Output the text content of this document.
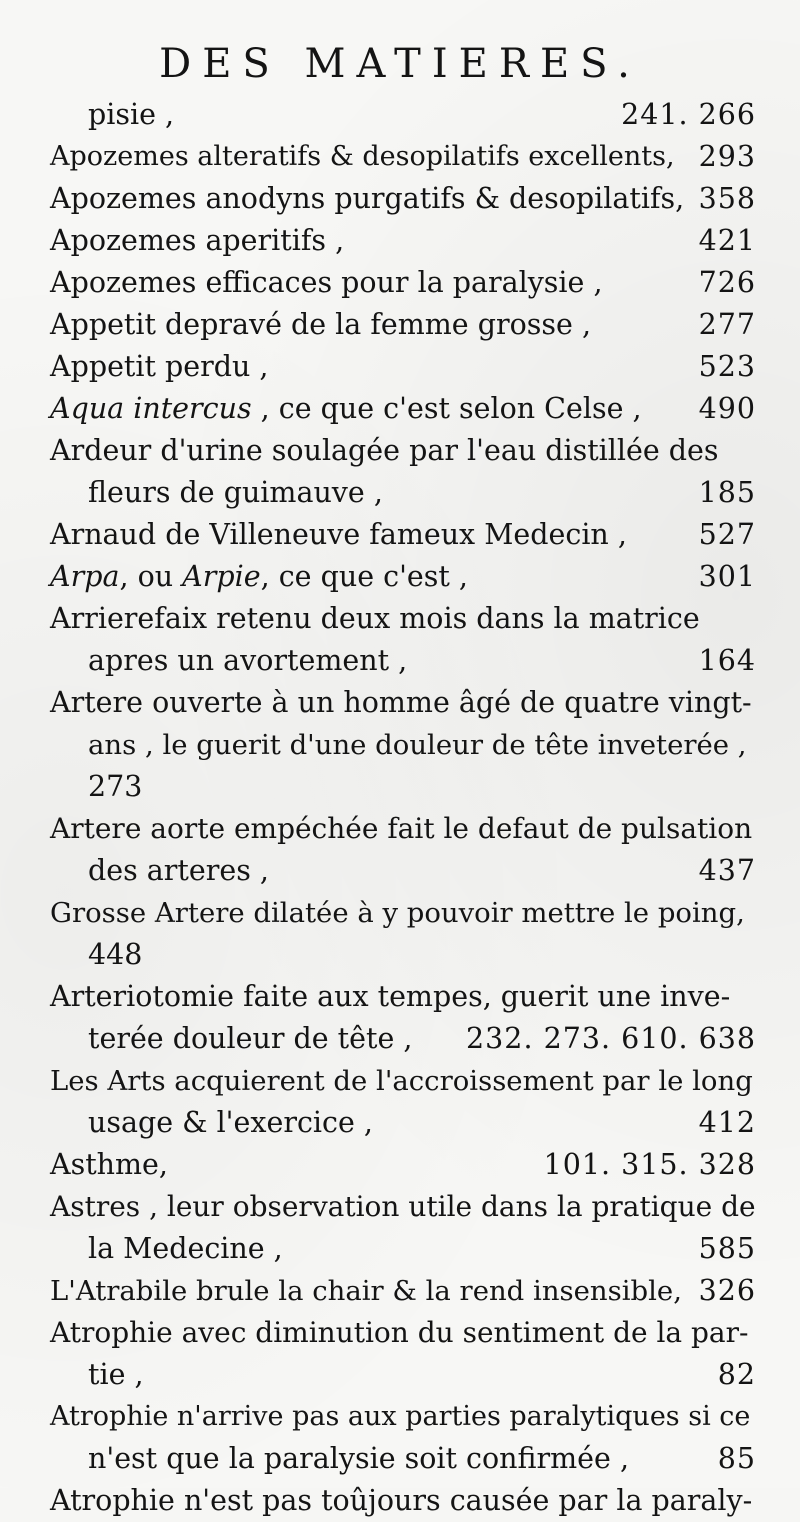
DES MATIERES.
pisie ,	241. 266
Apozemes alteratifs & desopilatifs excellents, 293
Apozemes anodyns purgatifs & desopilatifs, 358
Apozemes aperitifs ,	421
Apozemes efficaces pour la paralysie ,	726
Appetit depravé de la femme grosse ,	277
Appetit perdu ,	523
Aqua intercus , ce que c'est selon Celse , 490
Ardeur d'urine soulagée par l'eau distillée des
fleurs de guimauve ,	185
Arnaud de Villeneuve fameux Medecin ,	527
Arpa, ou Arpie, ce que c'est ,	301
Arrierefaix retenu deux mois dans la matrice
apres un avortement ,	164
Artere ouverte à un homme âgé de quatre vingt-
ans , le guerit d'une douleur de tête inveterée ,
273
Artere aorte empéchée fait le defaut de pulsation
des arteres ,	437
Grosse Artere dilatée à y pouvoir mettre le poing,
448
Arteriotomie faite aux tempes, guerit une inve-
terée douleur de tête , 232. 273. 610. 638
Les Arts acquierent de l'accroissement par le long
usage & l'exercice ,	412
Asthme,	101. 315. 328
Astres , leur observation utile dans la pratique de
la Medecine ,	585
L'Atrabile brule la chair & la rend insensible, 326
Atrophie avec diminution du sentiment de la par-
tie ,	82
Atrophie n'arrive pas aux parties paralytiques si ce
n'est que la paralysie soit confirmée ,	85
Atrophie n'est pas toûjours causée par la paraly-
